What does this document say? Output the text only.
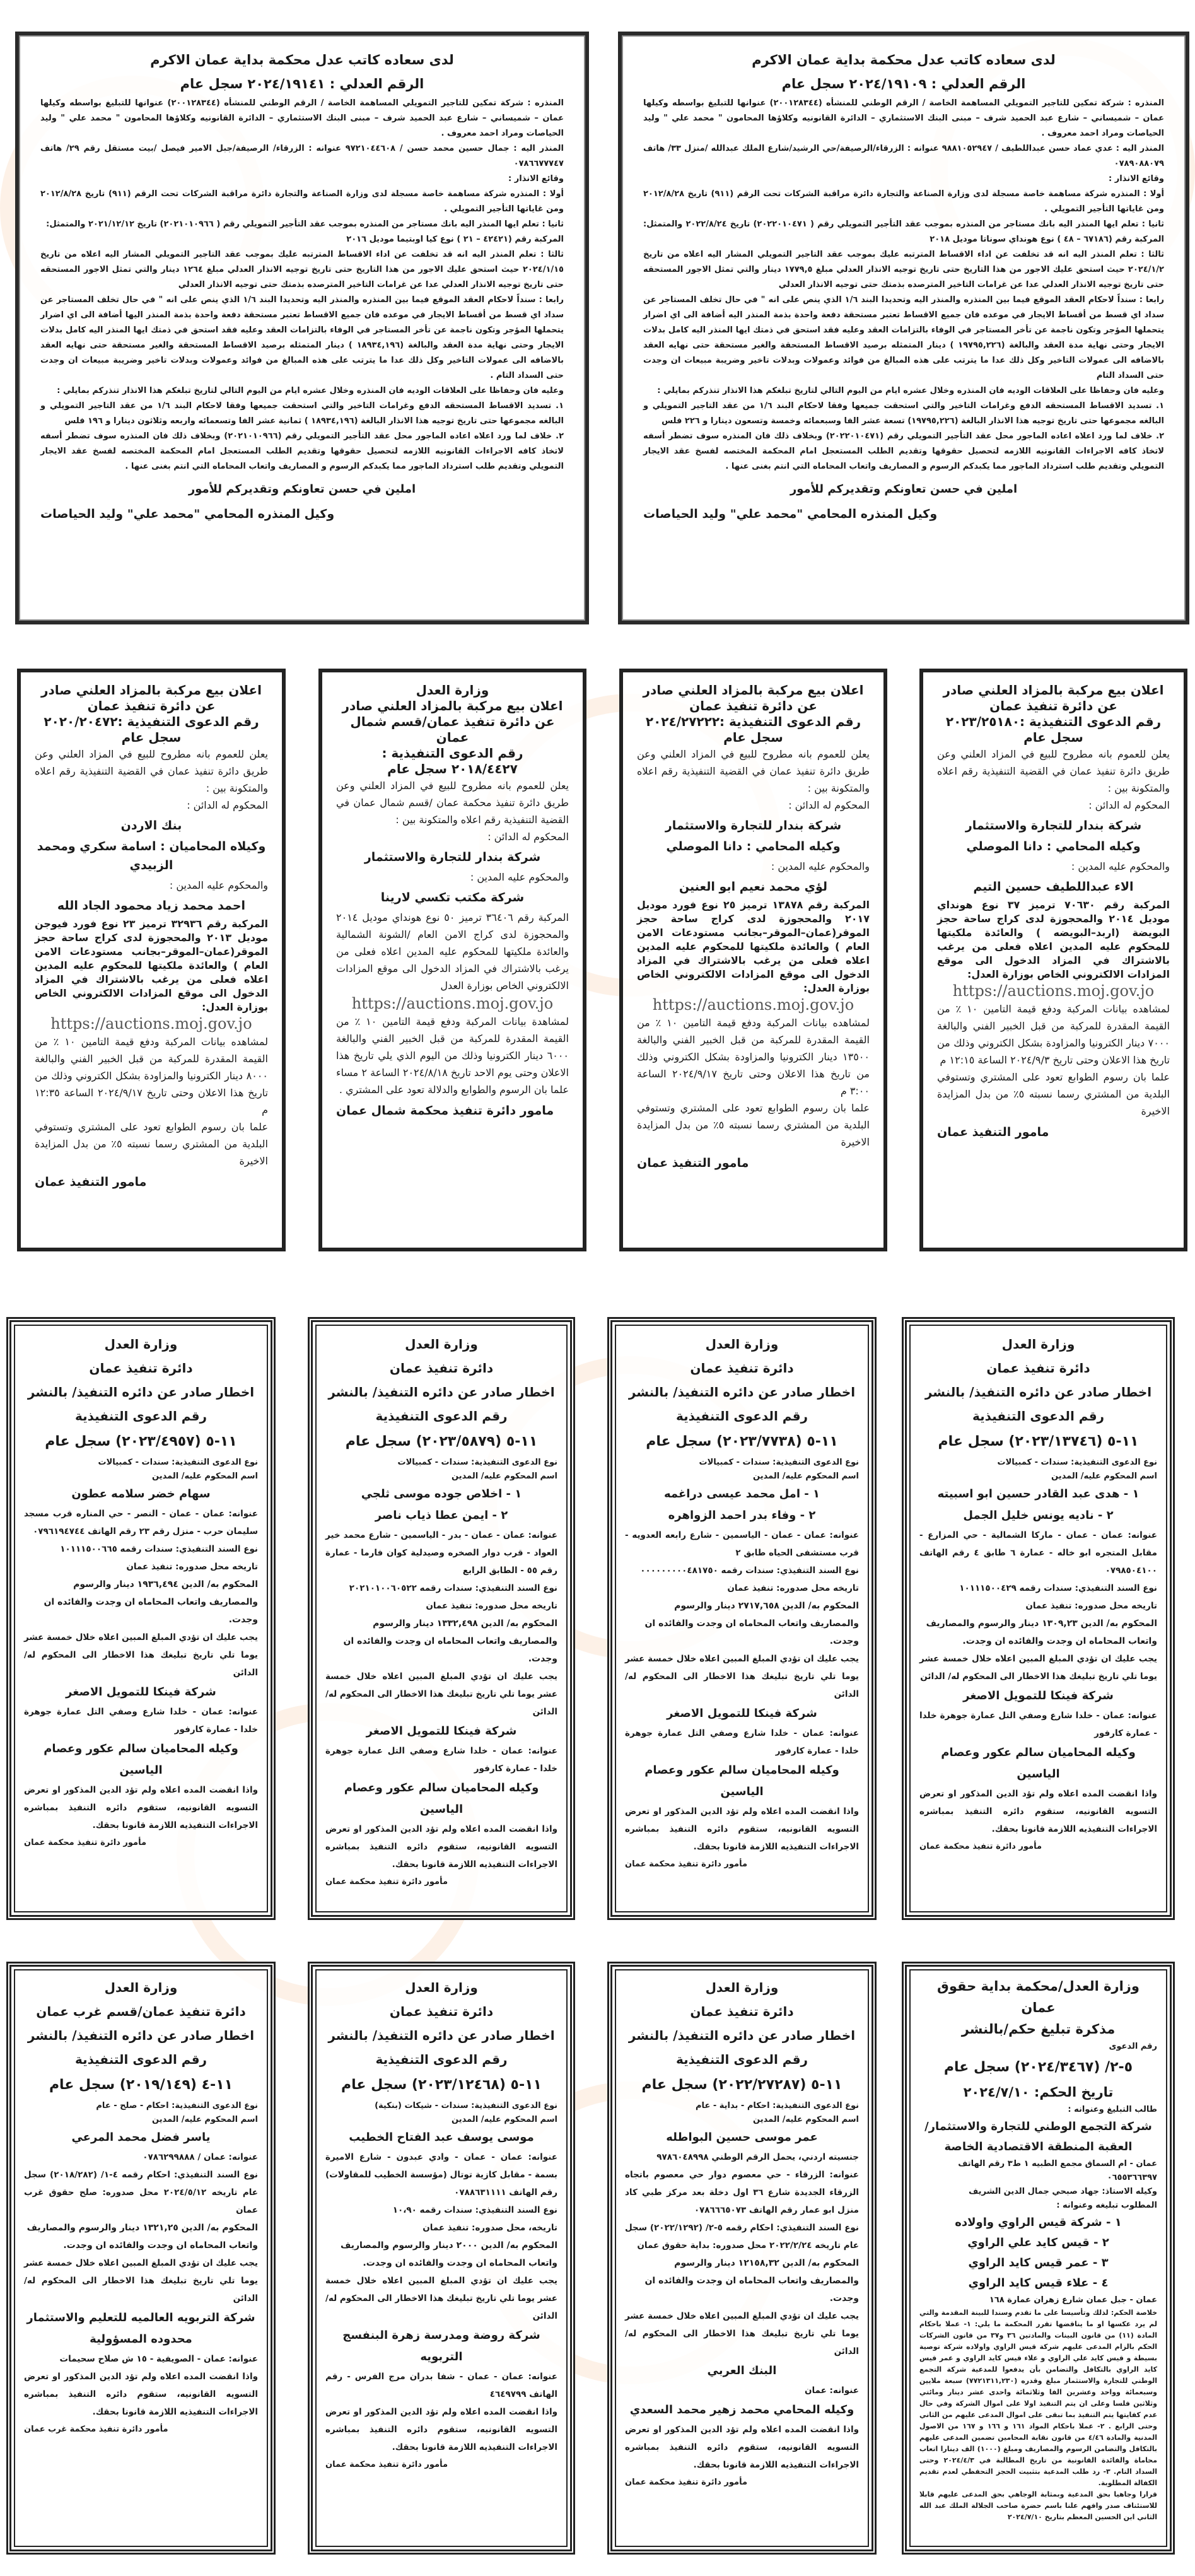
لدى سعاده كاتب عدل محكمة بداية عمان الاكرم
الرقم العدلي : ٢٠٢٤/١٩١٠٩ سجل عام
المنذره : شركة تمكين للتاجير التمويلي المساهمة الخاصة / الرقم الوطني للمنشأه (٢٠٠١٢٨٣٤٤) عنوانها للتبليغ بواسطه وكيلها عمان – شميساني – شارع عبد الحميد شرف – مبنى البنك الاستثماري – الدائرة القانونيه وكلاؤها المحامون " محمد علي " وليد الحياصات ومراد احمد معروف .
المنذر اليه : عدي عماد حسن عبداللطيف / ٩٨٨١٠٥٢٩٤٧ عنوانه : الزرقاء/الرصيفة/حي الرشيد/شارع الملك عبدالله /منزل ٣٣/ هاتف ٠٧٨٩٠٨٨٠٧٩
وقائع الانذار :
أولا : المنذره شركة مساهمة خاصة مسجلة لدى وزارة الصناعة والتجارة دائرة مراقبة الشركات تحت الرقم (٩١١) تاريخ ٢٠١٢/٨/٢٨ ومن غاياتها التأجير التمويلي .
ثانيا : تعلم ايها المنذر اليه بانك مستاجر من المنذره بموجب عقد التأجير التمويلي رقم ( ٢٠٢٢٠١٠٤٧١) تاريخ ٢٠٢٢/٨/٢٤ والمتمثل: المركبة رقم (٦٧١٨٦ – ٤٨ ) نوع هونداي سوناتا موديل ٢٠١٨
ثالثا : تعلم المنذر اليه انه قد تخلفت عن اداء الاقساط المترتبه عليك بموجب عقد التاجير التمويلي المشار اليه اعلاه من تاريخ ٢٠٢٤/١/٢ حيث استحق عليك الاجور من هذا التاريخ حتى تاريخ توجيه الانذار العدلي مبلغ ١٧٧٩,٥ دينار والتي تمثل الاجور المستحقه حتى تاريخ توجيه الانذار العدلي عدا عن غرامات التاخير المترصده بذمتك حتى توجيه الانذار العدلي
رابعا : سنداً لاحكام العقد الموقع فيما بين المنذره والمنذر اليه وتحديدا البند ١/٦ الذي ينص على انه " في حال تخلف المستاجر عن سداد اي قسط من أقساط الايجار في موعده فان جميع الاقساط تعتبر مستحقة دفعة واحدة بذمة المنذر اليه أضافة الى اي اضرار يتحملها المؤجر وتكون ناجمة عن تأخر المستاجر في الوفاء بالتزامات العقد وعليه فقد استحق في ذمتك ايها المنذر اليه كامل بدلات الايجار وحتى نهاية مدة العقد والبالغة (١٩٧٩٥,٢٢٦ ) دينار المتمثله برصيد الاقساط المستحقة والغير مستحقة حتى نهايه العقد بالاضافه الى عمولات التاخير وكل ذلك عدا ما يترتب على هذه المبالغ من فوائد وعمولات وبدلات تاخير وضريبة مبيعات ان وجدت حتى السداد التام
وعليه فان وحفاظا على العلاقات الوديه فان المنذره وخلال عشره ايام من اليوم التالي لتاريخ تبلغكم هذا الانذار تنذركم بمايلي :
١. تسديد الاقساط المستحقه الدفع وغرامات التاخير والتي استحقت جميعها وفقا لاحكام البند ١/٦ من عقد التاجير التمويلي و البالغه مجموعها حتى تاريخ توجيه هذا الانذار البالغة (١٩٧٩٥,٢٢٦) تسعة عشر الفا وسبعمائه وخمسة وتسعون دينارا و ٢٢٦ فلس
٢. خلاف لما ورد اعلاه اعاده الماجور محل عقد التأجير التمويلي رقم (٢٠٢٢٠١٠٤٧١) وبخلاف ذلك فان المنذره سوف تضطر أسفه لاتخاذ كافه الاجراءات القانونيه اللازمه لتحصيل حقوقها وتقديم الطلب المستعجل امام المحكمة المختصه لفسخ عقد الايجار التمويلي وتقديم طلب استرداد الماجور مما يكبدكم الرسوم و المصاريف واتعاب المحاماه التي انتم بغنى عنها .
املين في حسن تعاونكم وتقديركم للأمور
وكيل المنذره المحامي "محمد علي" وليد الحياصات
لدى سعاده كاتب عدل محكمة بداية عمان الاكرم
الرقم العدلي : ٢٠٢٤/١٩١٤١ سجل عام
المنذره : شركة تمكين للتاجير التمويلي المساهمة الخاصة / الرقم الوطني للمنشأه (٢٠٠١٢٨٣٤٤) عنوانها للتبليغ بواسطه وكيلها عمان – شميساني – شارع عبد الحميد شرف – مبنى البنك الاستثماري – الدائرة القانونيه وكلاؤها المحامون " محمد علي " وليد الحياصات ومراد احمد معروف .
المنذر اليه : جمال حسين محمد حسن / ٩٧٢١٠٤٤٦٠٨ عنوانه : الزرقاء/ الرصيفة/جبل الامير فيصل /بيت مستقل رقم ٢٩/ هاتف ٠٧٨٦٦٧٧٧٤٧
وقائع الانذار :
أولا : المنذره شركة مساهمة خاصة مسجلة لدى وزارة الصناعة والتجارة دائرة مراقبة الشركات تحت الرقم (٩١١) تاريخ ٢٠١٢/٨/٢٨ ومن غاياتها التأجير التمويلي .
ثانيا : تعلم ايها المنذر اليه بانك مستاجر من المنذره بموجب عقد التأجير التمويلي رقم ( ٢٠٢١٠١٠٩٦٦) تاريخ ٢٠٢١/١٢/١٢ والمتمثل:
المركبة رقم (٤٢٤٢١ – ٢١ ) نوع كيا اوبتيما موديل ٢٠١٦
ثالثا : تعلم المنذر اليه انه قد تخلفت عن اداء الاقساط المترتبه عليك بموجب عقد التاجير التمويلي المشار اليه اعلاه من تاريخ ٢٠٢٤/١/١٥ حيث استحق عليك الاجور من هذا التاريخ حتى تاريخ توجيه الانذار العدلي مبلغ ١٢٦٤ دينار والتي تمثل الاجور المستحقه حتى تاريخ توجيه الانذار العدلي عدا عن غرامات التاخير المترصده بذمتك حتى توجيه الانذار العدلي
رابعا : سنداً لاحكام العقد الموقع فيما بين المنذره والمنذر اليه وتحديدا البند ١/٦ الذي ينص على انه " في حال تخلف المستاجر عن سداد اي قسط من أقساط الايجار في موعده فان جميع الاقساط تعتبر مستحقة دفعة واحدة بذمة المنذر اليها أضافة الى اي اضرار يتحملها المؤجر وتكون ناجمة عن تأخر المستاجر في الوفاء بالتزامات العقد وعليه فقد استحق في ذمتك ايها المنذر اليه كامل بدلات الايجار وحتى نهاية مدة العقد والبالغة (١٨٩٣٤,١٩٦ ) دينار المتمثله برصيد الاقساط المستحقة والغير مستحقة حتى نهايه العقد بالاضافه الى عمولات التاخير وكل ذلك عدا ما يترتب على هذه المبالغ من فوائد وعمولات وبدلات تاخير وضريبة مبيعات ان وجدت حتى السداد التام .
وعليه فان وحفاظا على العلاقات الوديه فان المنذره وخلال عشره ايام من اليوم التالي لتاريخ تبلغكم هذا الانذار تنذركم بمايلي :
١. تسديد الاقساط المستحقه الدفع وغرامات التاخير والتي استحقت جميعها وفقا لاحكام البند ١/٦ من عقد التاجير التمويلي و البالغه مجموعها حتى تاريخ توجيه هذا الانذار البالغة (١٨٩٣٤,١٩٦ ) ثمانية عشر الفا وتسعمائه واربعه وثلاثون دينارا و ١٩٦ فلس
٢. خلاف لما ورد اعلاه اعاده الماجور محل عقد التأجير التمويلي رقم (٢٠٢١٠١٠٩٦٦) وبخلاف ذلك فان المنذره سوف تضطر أسفه لاتخاذ كافه الاجراءات القانونيه اللازمه لتحصيل حقوقها وتقديم الطلب المستعجل امام المحكمة المختصه لفسخ عقد الايجار التمويلي وتقديم طلب استرداد الماجور مما يكبدكم الرسوم و المصاريف واتعاب المحاماه التي انتم بغنى عنها .
املين في حسن تعاونكم وتقديركم للأمور
وكيل المنذره المحامي "محمد علي" وليد الحياصات
اعلان بيع مركبة بالمزاد العلني صادر عن دائرة تنفيذ عمان
رقم الدعوى التنفيذية :٢٠٢٣/٢٥١٨٠ سجل عام
يعلن للعموم بانه مطروح للبيع في المزاد العلني وعن طريق دائرة تنفيذ عمان في القضية التنفيذية رقم اعلاه والمتكونة بين :
المحكوم له الدائن :
شركة بندار للتجارة والاستثمار
وكيله المحامي : دانا الموصلي
والمحكوم عليه المدين :
الاء عبداللطيف حسين التيم
المركبة رقم ٧٠٦٣٠ ترميز ٣٧ نوع هونداي موديل ٢٠١٤ والمحجوزة لدى كراج ساحة حجز البويضة (اربد–البويضه ) والعائدة ملكيتها للمحكوم عليه المدين اعلاه فعلى من يرغب بالاشتراك في المزاد الدخول الى موقع المزادات الالكتروني الخاص بوزارة العدل:
https://auctions.moj.gov.jo
لمشاهده بيانات المركبة ودفع قيمة التامين ١٠ ٪ من القيمة المقدرة للمركبة من قبل الخبير الفني والبالغة ٧٠٠٠ دينار الكترونيا والمزاودة بشكل الكتروني وذلك من تاريخ هذا الاعلان وحتى تاريخ ٢٠٢٤/٩/٣ الساعة ١٢:١٥ م
علما بان رسوم الطوابع تعود على المشتري وتستوفي البلدية من المشتري رسما نسبته ٥٪ من بدل المزايدة الاخيرة
مامور التنفيذ عمان
اعلان بيع مركبة بالمزاد العلني صادر عن دائرة تنفيذ عمان
رقم الدعوى التنفيذية :٢٠٢٤/٢٧٢٢٢ سجل عام
يعلن للعموم بانه مطروح للبيع في المزاد العلني وعن طريق دائرة تنفيذ عمان في القضية التنفيذية رقم اعلاه والمتكونة بين :
المحكوم له الدائن :
شركة بندار للتجارة والاستثمار
وكيله المحامي : دانا الموصلي
والمحكوم عليه المدين :
لؤي محمد نعيم ابو العنين
المركبة رقم ١٣٨٧٨ ترميز ٢٥ نوع فورد موديل ٢٠١٧ والمحجوزة لدى كراج ساحة حجز الموقر(عمان–الموقر–بجانب مستودعات الامن العام ) والعائدة ملكيتها للمحكوم عليه المدين اعلاه فعلى من يرغب بالاشتراك في المزاد الدخول الى موقع المزادات الالكتروني الخاص بوزارة العدل:
https://auctions.moj.gov.jo
لمشاهده بيانات المركبة ودفع قيمة التامين ١٠ ٪ من القيمة المقدرة للمركبة من قبل الخبير الفني والبالغة ١٣٥٠٠ دينار الكترونيا والمزاودة بشكل الكتروني وذلك من تاريخ هذا الاعلان وحتى تاريخ ٢٠٢٤/٩/١٧ الساعة ٣:٠٠ م
علما بان رسوم الطوابع تعود على المشتري وتستوفي البلدية من المشتري رسما نسبته ٥٪ من بدل المزايدة الاخيرة
مامور التنفيذ عمان
وزارة العدل
اعلان بيع مركبة بالمزاد العلني صادر عن دائرة تنفيذ عمان/قسم شمال عمان
رقم الدعوى التنفيذية :
٢٠١٨/٤٤٢٧ سجل عام
يعلن للعموم بانه مطروح للبيع في المزاد العلني وعن طريق دائرة تنفيذ محكمة عمان /قسم شمال عمان في القضية التنفيذية رقم اعلاه والمتكونة بين :
المحكوم له الدائن :
شركة بندار للتجارة والاستثمار
والمحكوم عليه المدين :
شركة مكتب تكسي لارينا
المركبة رقم ٣٦٤٠٦ ترميز ٥٠ نوع هونداي موديل ٢٠١٤ والمحجوزة لدى كراج الامن العام /الشونة الشمالية والعائدة ملكيتها للمحكوم عليه المدين اعلاه فعلى من يرغب بالاشتراك في المزاد الدخول الى موقع المزادات الالكتروني الخاص بوزارة العدل
https://auctions.moj.gov.jo
لمشاهدة بيانات المركبة ودفع قيمة التامين ١٠ ٪ من القيمة المقدرة للمركبة من قبل الخبير الفني والبالغة ٦٠٠٠ دينار الكترونيا وذلك من اليوم الذي يلي تاريخ هذا الاعلان وحتى يوم الاحد تاريخ ٢٠٢٤/٨/١٨ الساعة ٢ مساء علما بان الرسوم والطوابع والدلالة تعود على المشتري .
مامور دائرة تنفيذ محكمة شمال عمان
اعلان بيع مركبة بالمزاد العلني صادر عن دائرة تنفيذ عمان
رقم الدعوى التنفيذية :٢٠٢٠/٢٠٤٧٢ سجل عام
يعلن للعموم بانه مطروح للبيع في المزاد العلني وعن طريق دائرة تنفيذ عمان في القضية التنفيذية رقم اعلاه والمتكونة بين :
المحكوم له الدائن :
بنك الاردن
وكيلاه المحاميان : اسامة سكري ومحمد الزبيدي
والمحكوم عليه المدين :
احمد محمد زياد محمود الجاد الله
المركبة رقم ٣٢٩٣٦ ترميز ٢٣ نوع فورد فيوجن موديل ٢٠١٣ والمحجوزة لدى كراج ساحة حجز الموقر(عمان–الموقر–بجانب مستودعات الامن العام ) والعائدة ملكيتها للمحكوم عليه المدين اعلاه فعلى من يرغب بالاشتراك في المزاد الدخول الى موقع المزادات الالكتروني الخاص بوزارة العدل:
https://auctions.moj.gov.jo
لمشاهده بيانات المركبة ودفع قيمة التامين ١٠ ٪ من القيمة المقدرة للمركبة من قبل الخبير الفني والبالغة ٨٠٠٠ دينار الكترونيا والمزاودة بشكل الكتروني وذلك من تاريخ هذا الاعلان وحتى تاريخ ٢٠٢٤/٩/١٧ الساعة ١٢:٣٥ م
علما بان رسوم الطوابع تعود على المشتري وتستوفي البلدية من المشتري رسما نسبته ٥٪ من بدل المزايدة الاخيرة
مامور التنفيذ عمان
وزارة العدل
دائرة تنفيذ عمان
اخطار صادر عن دائره التنفيذ/ بالنشر
رقم الدعوى التنفيذية
١١-٥ (٢٠٢٣/١٣٧٤٦) سجل عام
نوع الدعوى التنفيذية: سندات - كمبيالات
اسم المحكوم عليه/ المدين
١ - هدى عبد القادر حسين ابو اسبيته
٢ - ناديه يونس خليل الجمل
عنوانه: عمان - عمان - ماركا الشمالية - حي المزارع - مقابل المتجره ابو خاله - عمارة ٦ طابق ٤ رقم الهاتف ٠٧٩٨٥٠٤١٠٠
نوع السند التنفيذي: سندات رقمه ١٠١١١٥٠٠٤٢٩
تاريخه محل صدوره: تنفيذ عمان
المحكوم به/ الدين ١٣٠٩,٢٣ دينار والرسوم والمصاريف واتعاب المحاماه ان وجدت والفائده ان وجدت.
يجب عليك ان تؤدي المبلغ المبين اعلاه خلال خمسة عشر يوما تلي تاريخ تبليغك هذا الاخطار الى المحكوم له/ الدائن
شركة فينكا للتمويل الاصغر
عنوانه: عمان - خلدا شارع وصفي التل عمارة جوهرة خلدا - عمارة كارفور
وكيله المحاميان سالم عكور وعصام الياسين
واذا انقضت المده اعلاه ولم تؤد الدين المذكور او تعرض التسويه القانونيه، ستقوم دائره التنفيذ بمباشره الاجراءات التنفيذيه اللازمة قانونا بحقك.
مأمور دائرة تنفيذ محكمة عمان
وزارة العدل
دائرة تنفيذ عمان
اخطار صادر عن دائره التنفيذ/ بالنشر
رقم الدعوى التنفيذية
١١-٥ (٢٠٢٣/٧٧٣٨) سجل عام
نوع الدعوى التنفيذية: سندات - كمبيالات
اسم المحكوم عليه/ المدين
١ - امل محمد عيسى دراغمه
٢ - وفاء بدر احمد الزواهره
عنوانه: عمان - عمان - الياسمين - شارع رابعه العدويه - قرب مستشفى الحياه طابق ٢
نوع السند التنفيذي: سندات رقمه ٠٠٠٠٠٠٠٠٠٤٨١٧٥٠
تاريخه محل صدوره: تنفيذ عمان
المحكوم به/ الدين ٢٧١٧,٦٥٨ دينار والرسوم والمصاريف واتعاب المحاماه ان وجدت والفائده ان وجدت.
يجب عليك ان تؤدي المبلغ المبين اعلاه خلال خمسة عشر يوما تلي تاريخ تبليغك هذا الاخطار الى المحكوم له/ الدائن
شركة فينكا للتمويل الاصغر
عنوانه: عمان - خلدا شارع وصفي التل عمارة جوهرة خلدا - عمارة كارفور
وكيله المحاميان سالم عكور وعصام الياسين
واذا انقضت المده اعلاه ولم تؤد الدين المذكور او تعرض التسويه القانونيه، ستقوم دائره التنفيذ بمباشره الاجراءات التنفيذيه اللازمة قانونا بحقك.
مأمور دائرة تنفيذ محكمة عمان
وزارة العدل
دائرة تنفيذ عمان
اخطار صادر عن دائره التنفيذ/ بالنشر
رقم الدعوى التنفيذية
١١-٥ (٢٠٢٣/٥٨٧٩) سجل عام
نوع الدعوى التنفيذية: سندات - كمبيالات
اسم المحكوم عليه/ المدين
١ - اخلاص جوده موسى ثلجي
٢ - ايمن عطا ذياب ناصر
عنوانه: عمان - عمان - بدر - الياسمين - شارع محمد خير العواد - قرب دوار الصخره وصيدلية كوان فارما - عمارة رقم ٥٥ - الطابق الرابع
نوع السند التنفيذي: سندات رقمه ٢٠٢١٠١٠٠٦٠٥٢٢
تاريخه محل صدوره: تنفيذ عمان
المحكوم به/ الدين ١٣٣٢,٤٩٨ دينار والرسوم والمصاريف واتعاب المحاماه ان وجدت والفائده ان وجدت.
يجب عليك ان تؤدي المبلغ المبين اعلاه خلال خمسة عشر يوما تلي تاريخ تبليغك هذا الاخطار الى المحكوم له/ الدائن
شركة فينكا للتمويل الاصغر
عنوانه: عمان - خلدا شارع وصفي التل عمارة جوهرة خلدا - عمارة كارفور
وكيله المحاميان سالم عكور وعصام الياسين
واذا انقضت المده اعلاه ولم تؤد الدين المذكور او تعرض التسويه القانونيه، ستقوم دائره التنفيذ بمباشره الاجراءات التنفيذيه اللازمة قانونا بحقك.
مأمور دائرة تنفيذ محكمة عمان
وزارة العدل
دائرة تنفيذ عمان
اخطار صادر عن دائره التنفيذ/ بالنشر
رقم الدعوى التنفيذية
١١-٥ (٢٠٢٣/٤٩٥٧) سجل عام
نوع الدعوى التنفيذية: سندات - كمبيالات
اسم المحكوم عليه/ المدين
سهام خضر سلامه عطون
عنوانه: عمان - عمان - النصر - حي المناره قرب مسجد سليمان حرب - منزل رقم ٢٣ رقم الهاتف ٠٧٩٦١٩٤٧٤٤
نوع السند التنفيذي: سندات رقمه ١٠١١١٥٠٠٦٦٥
تاريخه محل صدوره: تنفيذ عمان
المحكوم به/ الدين ١٩٣٦,٤٩٤ دينار والرسوم والمصاريف واتعاب المحاماه ان وجدت والفائده ان وجدت.
يجب عليك ان تؤدي المبلغ المبين اعلاه خلال خمسة عشر يوما تلي تاريخ تبليغك هذا الاخطار الى المحكوم له/ الدائن
شركة فينكا للتمويل الاصغر
عنوانه: عمان - خلدا شارع وصفي التل عمارة جوهرة خلدا - عمارة كارفور
وكيله المحاميان سالم عكور وعصام الياسين
واذا انقضت المده اعلاه ولم تؤد الدين المذكور او تعرض التسويه القانونيه، ستقوم دائره التنفيذ بمباشره الاجراءات التنفيذيه اللازمة قانونا بحقك.
مأمور دائرة تنفيذ محكمة عمان
وزارة العدل/محكمة بداية حقوق عمان
مذكرة تبليغ حكم/بالنشر
رقم الدعوى
٥-٢/ (٢٠٢٤/٣٤٦٧) سجل عام
تاريخ الحكم: ٢٠٢٤/٧/١٠
طالب التبليغ وعنوانه :
شركة التجمع الوطني للتجارة والاستثمار/ العقبة المنطقة الاقتصادية الخاصة
عمان - ام السماق مجمع الطبيه ١ ط٣ رقم الهاتف ٠٦٥٥٣٦٦٣٩٧
وكيله الاستاذ: جهاد صبحي جمال الدين الشريف
المطلوب تبليغه وعنوانه :
١ - شركة قيس الراوي واولاده
٢ - قيس كايد علي الراوي
٣ - عمر قيس كايد الراوي
٤ - علاء قيس كايد الراوي
عمان - جبل عمان شارع زهران عمارة ١٦٨
خلاصة الحكم: لذلك وتأسيسا على ما تقدم وسندا للبينة المقدمة والتي لم يرد عكسها او ما يناقضها تقرر المحكمة ما يلي: ١- عملا باحكام المادة (١١) من قانون البينات والمادتين ٣٦ و٣٧ من قانون الشركات الحكم بالزام المدعى عليهم شركة قيس الراوي واولاده شركة توصية بسيطة و قيس كايد علي الراوي و علاء قيس كايد الراوي و عمر قيس كايد الراوي بالتكافل والتضامن بأن يدفعوا للمدعية شركة التجمع الوطني للتجارة والاستثمار مبلغ وقدره (٧٧٢١٣١١,٢٣٠) سبعة ملايين وسبعمائة وواحد وعشرين الفا وثلاثمائة واحدى عشر دينار ومائتي وثلاثين فلسا وعلى ان يتم التنفيذ اولا على اموال الشركة وفي حال عدم كفايتها يتم التنفيذ بما تبقى على اموال المدعى عليهم من الثاني وحتى الرابع . ٢- عملا باحكام المواد ١٦١ و ١٦٦ و ١٦٧ من الاصول المدنية والمادة ٤/٤٦ من قانون نقابة المحامين تضمين المدعى عليهم بالتكافل والتضامن الرسوم والمصاريف ومبلغ (١٠٠٠) الف دينارا اتعاب محاماة والفائدة القانونية من تاريخ المطالبة في ٢٠٢٤/٤/٣ وحتى السداد التام. ٣- رد طلب المدعية بتثبيت الحجز التحفظي لعدم تقديم الكفالة المطلوبة.
قرارا وجاهيا بحق المدعية وبمثابة الوجاهي بحق المدعى عليهم قابلا للاستئناف صدر وافهم علنا باسم حضرة صاحب الجلالة الملك عبد الله الثاني ابن الحسين المعظم بتاريخ ٢٠٢٤/٧/١٠
وزارة العدل
دائرة تنفيذ عمان
اخطار صادر عن دائره التنفيذ/ بالنشر
رقم الدعوى التنفيذية
١١-٥ (٢٠٢٢/٢٧٢٨٧) سجل عام
نوع الدعوى التنفيذية: احكام - بداية - عام
اسم المحكوم عليه/ المدين
عمر موسى حسين البواطله
جنسيته اردني، يحمل الرقم الوطني ٩٧٨٦٠٤٨٩٩٨
عنوانه: الزرقاء - حي معصوم دوار حي معصوم باتجاه الزرقاء الجديدة شارع ٣٦ اول دخلة بعد مركز طبي كاد منزل ابو عمار رقم الهاتف ٠٧٨٦٦٦٥٠٧٣
نوع السند التنفيذي: احكام رقمه ٥-٢/ (٢٠٢٢/١٢٩٢) سجل عام تاريخه ٢٠٢٢/٢/٢٤ محل صدوره: بداية حقوق عمان
المحكوم به/ الدين ١٢١٥٨,٣٢ دينار والرسوم والمصاريف واتعاب المحاماه ان وجدت والفائده ان وجدت.
يجب عليك ان تؤدي المبلغ المبين اعلاه خلال خمسة عشر يوما تلي تاريخ تبليغك هذا الاخطار الى المحكوم له/ الدائن
البنك العربي
عنوانه: عمان
وكيله المحامي محمد زهير محمد السعدي
واذا انقضت المده اعلاه ولم تؤد الدين المذكور او تعرض التسويه القانونيه، ستقوم دائره التنفيذ بمباشره الاجراءات التنفيذيه اللازمة قانونا بحقك.
مأمور دائرة تنفيذ محكمة عمان
وزارة العدل
دائرة تنفيذ عمان
اخطار صادر عن دائره التنفيذ/ بالنشر
رقم الدعوى التنفيذية
١١-٥ (٢٠٢٣/١٢٤٦٨) سجل عام
نوع الدعوى التنفيذية: سندات - شيكات (بنكية)
اسم المحكوم عليه/ المدين
موسى يوسف عبد الفتاح الخطيب
عنوانه: عمان - عمان - وادي عبدون - شارع الاميرة بسمة - مقابل كازية توتال (مؤسسة الخطيب للمقاولات) رقم الهاتف ٠٧٨٨٦٣١١١١
نوع السند التنفيذي: سندات رقمه ١٠،٩٠
تاريخه، محل صدوره: تنفيذ عمان
المحكوم به/ الدين ٢٠٠٠ دينار والرسوم والمصاريف واتعاب المحاماه ان وجدت والفائده ان وجدت.
يجب عليك ان تؤدي المبلغ المبين اعلاه خلال خمسة عشر يوما تلي تاريخ تبليغك هذا الاخطار الى المحكوم له/ الدائن
شركة روضة ومدرسة زهرة البنفسج التربويه
عنوانه: عمان - عمان - شفا بدران مرج الفرس - رقم الهاتف ٤٦٤٩٧٩٩
واذا انقضت المده اعلاه ولم تؤد الدين المذكور او تعرض التسويه القانونيه، ستقوم دائره التنفيذ بمباشره الاجراءات التنفيذيه اللازمة قانونا بحقك.
مأمور دائرة تنفيذ محكمة عمان
وزارة العدل
دائرة تنفيذ عمان/قسم غرب عمان
اخطار صادر عن دائره التنفيذ/ بالنشر
رقم الدعوى التنفيذية
١١-٤ (٢٠١٩/١٤٩) سجل عام
نوع الدعوى التنفيذية: احكام - صلح - عام
اسم المحكوم عليه/ المدين
ياسر فضل محمد المرعي
عنوانه: عمان / ٠٧٨٦٢٩٩٨٨٨
نوع السند التنفيذي: احكام رقمه ٤-١/ (٢٠١٨/٢٨٢) سجل عام تاريخه ٢٠٢٤/٥/١٢ محل صدوره: صلح حقوق غرب عمان
المحكوم به/ الدين ١٣٢١,٢٥ دينار والرسوم والمصاريف واتعاب المحاماه ان وجدت والفائده ان وجدت.
يجب عليك ان تؤدي المبلغ المبين اعلاه خلال خمسة عشر يوما تلي تاريخ تبليغك هذا الاخطار الى المحكوم له/ الدائن
شركة التربويه العالميه للتعليم والاستثمار محدوده المسؤولية
عنوانه: عمان - الصويفية - ١٥ ش صلاح سحيمات
واذا انقضت المده اعلاه ولم تؤد الدين المذكور او تعرض التسويه القانونيه، ستقوم دائره التنفيذ بمباشره الاجراءات التنفيذيه اللازمة قانونا بحقك.
مأمور دائرة تنفيذ محكمة غرب عمان
